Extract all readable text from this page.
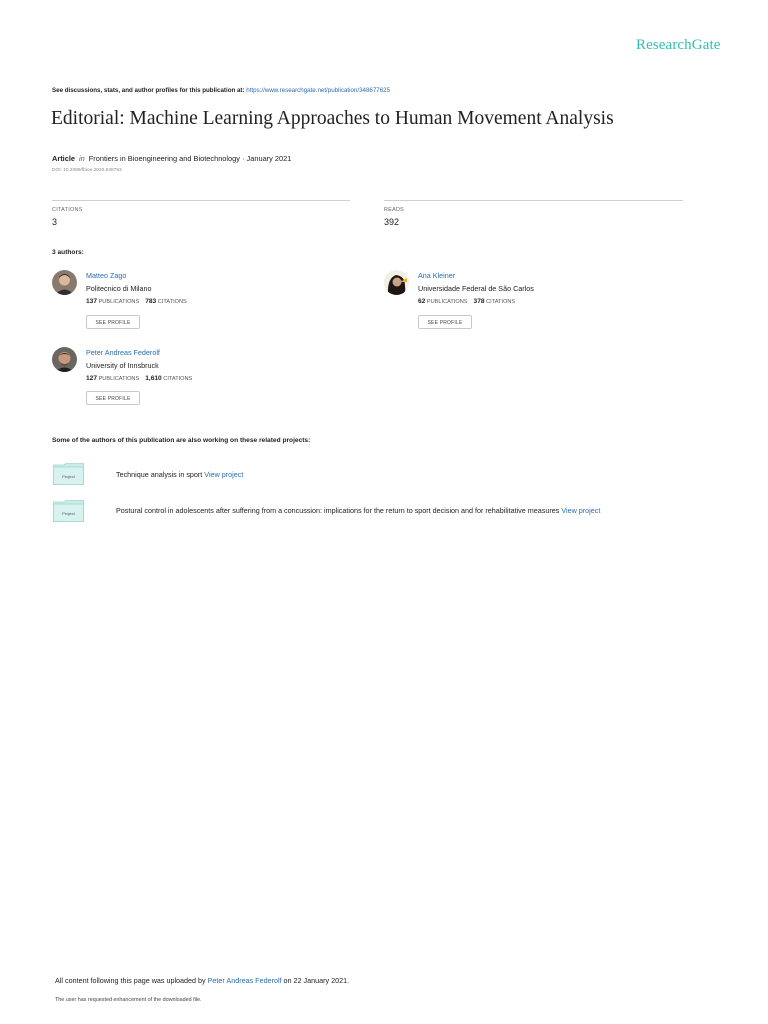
ResearchGate
See discussions, stats, and author profiles for this publication at: https://www.researchgate.net/publication/348677625
Editorial: Machine Learning Approaches to Human Movement Analysis
Article in Frontiers in Bioengineering and Biotechnology · January 2021
DOI: 10.3389/fbioe.2020.638793
CITATIONS
3
READS
392
3 authors:
Matteo Zago
Politecnico di Milano
137 PUBLICATIONS 783 CITATIONS
SEE PROFILE
Ana Kleiner
Universidade Federal de São Carlos
62 PUBLICATIONS 378 CITATIONS
SEE PROFILE
Peter Andreas Federolf
University of Innsbruck
127 PUBLICATIONS 1,610 CITATIONS
SEE PROFILE
Some of the authors of this publication are also working on these related projects:
Project	Technique analysis in sport View project
Project	Postural control in adolescents after suffering from a concussion: implications for the return to sport decision and for rehabilitative measures View project
All content following this page was uploaded by Peter Andreas Federolf on 22 January 2021.
The user has requested enhancement of the downloaded file.
